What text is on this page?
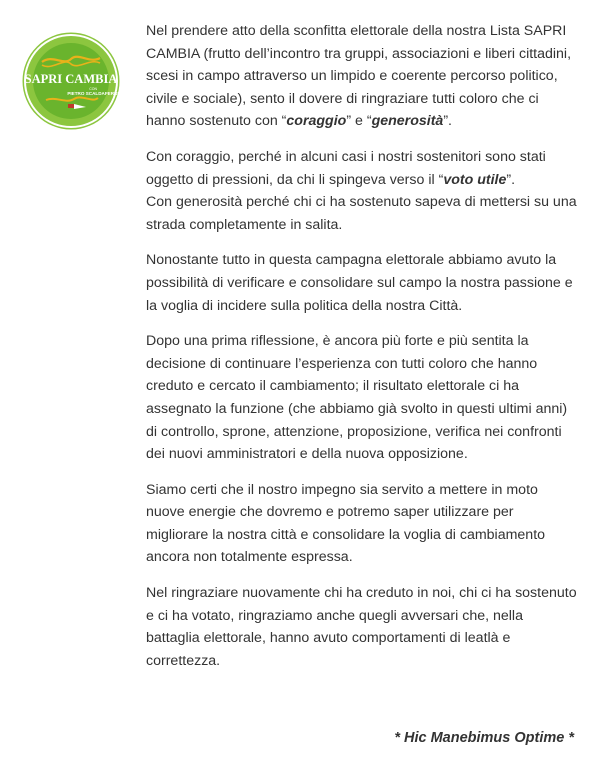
SAPRI CAMBIA
CON
PIETRO SCALDAFERRI

Nel prendere atto della sconfitta elettorale della nostra Lista SAPRI CAMBIA (frutto dell’incontro tra gruppi, associazioni e liberi cittadini, scesi in campo attraverso un limpido e coerente percorso politico, civile e sociale), sento il dovere di ringraziare tutti coloro che ci hanno sostenuto con “coraggio” e “generosità”.

Con coraggio, perché in alcuni casi i nostri sostenitori sono stati oggetto di pressioni, da chi li spingeva verso il “voto utile”.
Con generosità perché chi ci ha sostenuto sapeva di mettersi su una strada completamente in salita.

Nonostante tutto in questa campagna elettorale abbiamo avuto la possibilità di verificare e consolidare sul campo la nostra passione e la voglia di incidere sulla politica della nostra Città.

Dopo una prima riflessione, è ancora più forte e più sentita la decisione di continuare l’esperienza con tutti coloro che hanno creduto e cercato il cambiamento; il risultato elettorale ci ha assegnato la funzione (che abbiamo già svolto in questi ultimi anni) di controllo, sprone, attenzione, proposizione, verifica nei confronti dei nuovi amministratori e della nuova opposizione.

Siamo certi che il nostro impegno sia servito a mettere in moto nuove energie che dovremo e potremo saper utilizzare per migliorare la nostra città e consolidare la voglia di cambiamento ancora non totalmente espressa.

Nel ringraziare nuovamente chi ha creduto in noi, chi ci ha sostenuto e ci ha votato, ringraziamo anche quegli avversari che, nella battaglia elettorale, hanno avuto comportamenti di leatlà e correttezza.

* Hic Manebimus Optime *
